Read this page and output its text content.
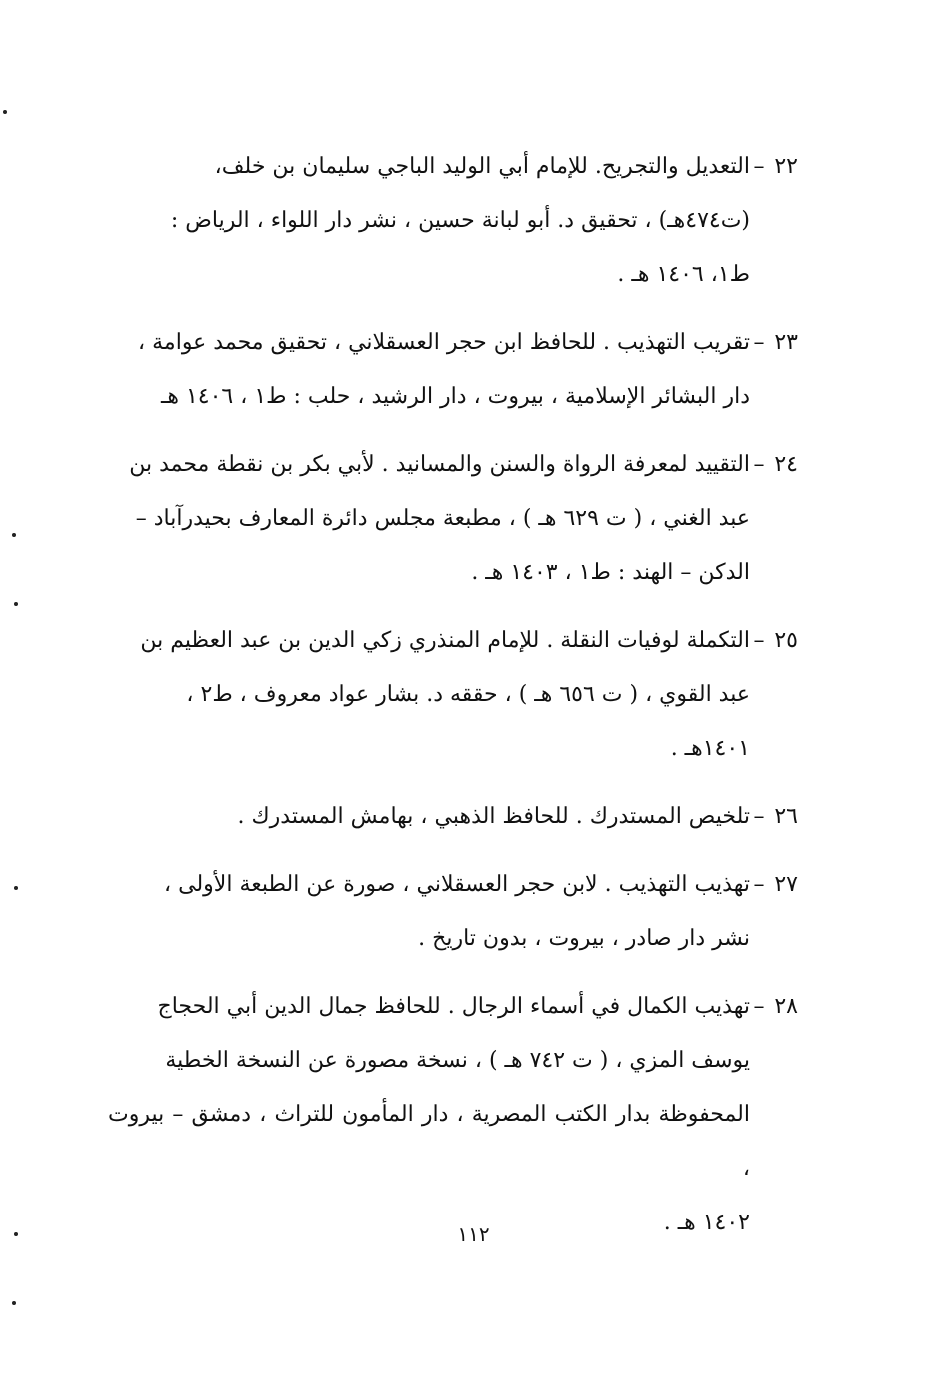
٢٢
–
التعديل والتجريح. للإمام أبي الوليد الباجي سليمان بن خلف،
(ت٤٧٤هـ) ، تحقيق د. أبو لبانة حسين ، نشر دار اللواء ، الرياض :
ط١، ١٤٠٦ هـ .
٢٣
–
تقريب التهذيب . للحافظ ابن حجر العسقلاني ، تحقيق محمد عوامة ،
دار البشائر الإسلامية ، بيروت ، دار الرشيد ، حلب : ط١ ، ١٤٠٦ هـ
٢٤
–
التقييد لمعرفة الرواة والسنن والمسانيد . لأبي بكر بن نقطة محمد بن
عبد الغني ، ( ت ٦٢٩ هـ ) ، مطبعة مجلس دائرة المعارف بحيدرآباد –
الدكن – الهند : ط١ ، ١٤٠٣ هـ .
٢٥
–
التكملة لوفيات النقلة . للإمام المنذري زكي الدين بن عبد العظيم بن
عبد القوي ، ( ت ٦٥٦ هـ ) ، حققه د. بشار عواد معروف ، ط٢ ،
١٤٠١هـ .
٢٦
–
تلخيص المستدرك . للحافظ الذهبي ، بهامش المستدرك .
٢٧
–
تهذيب التهذيب . لابن حجر العسقلاني ، صورة عن الطبعة الأولى ،
نشر دار صادر ، بيروت ، بدون تاريخ .
٢٨
–
تهذيب الكمال في أسماء الرجال . للحافظ جمال الدين أبي الحجاج
يوسف المزي ، ( ت ٧٤٢ هـ ) ، نسخة مصورة عن النسخة الخطية
المحفوظة بدار الكتب المصرية ، دار المأمون للتراث ، دمشق – بيروت ،
١٤٠٢ هـ .
١١٢
